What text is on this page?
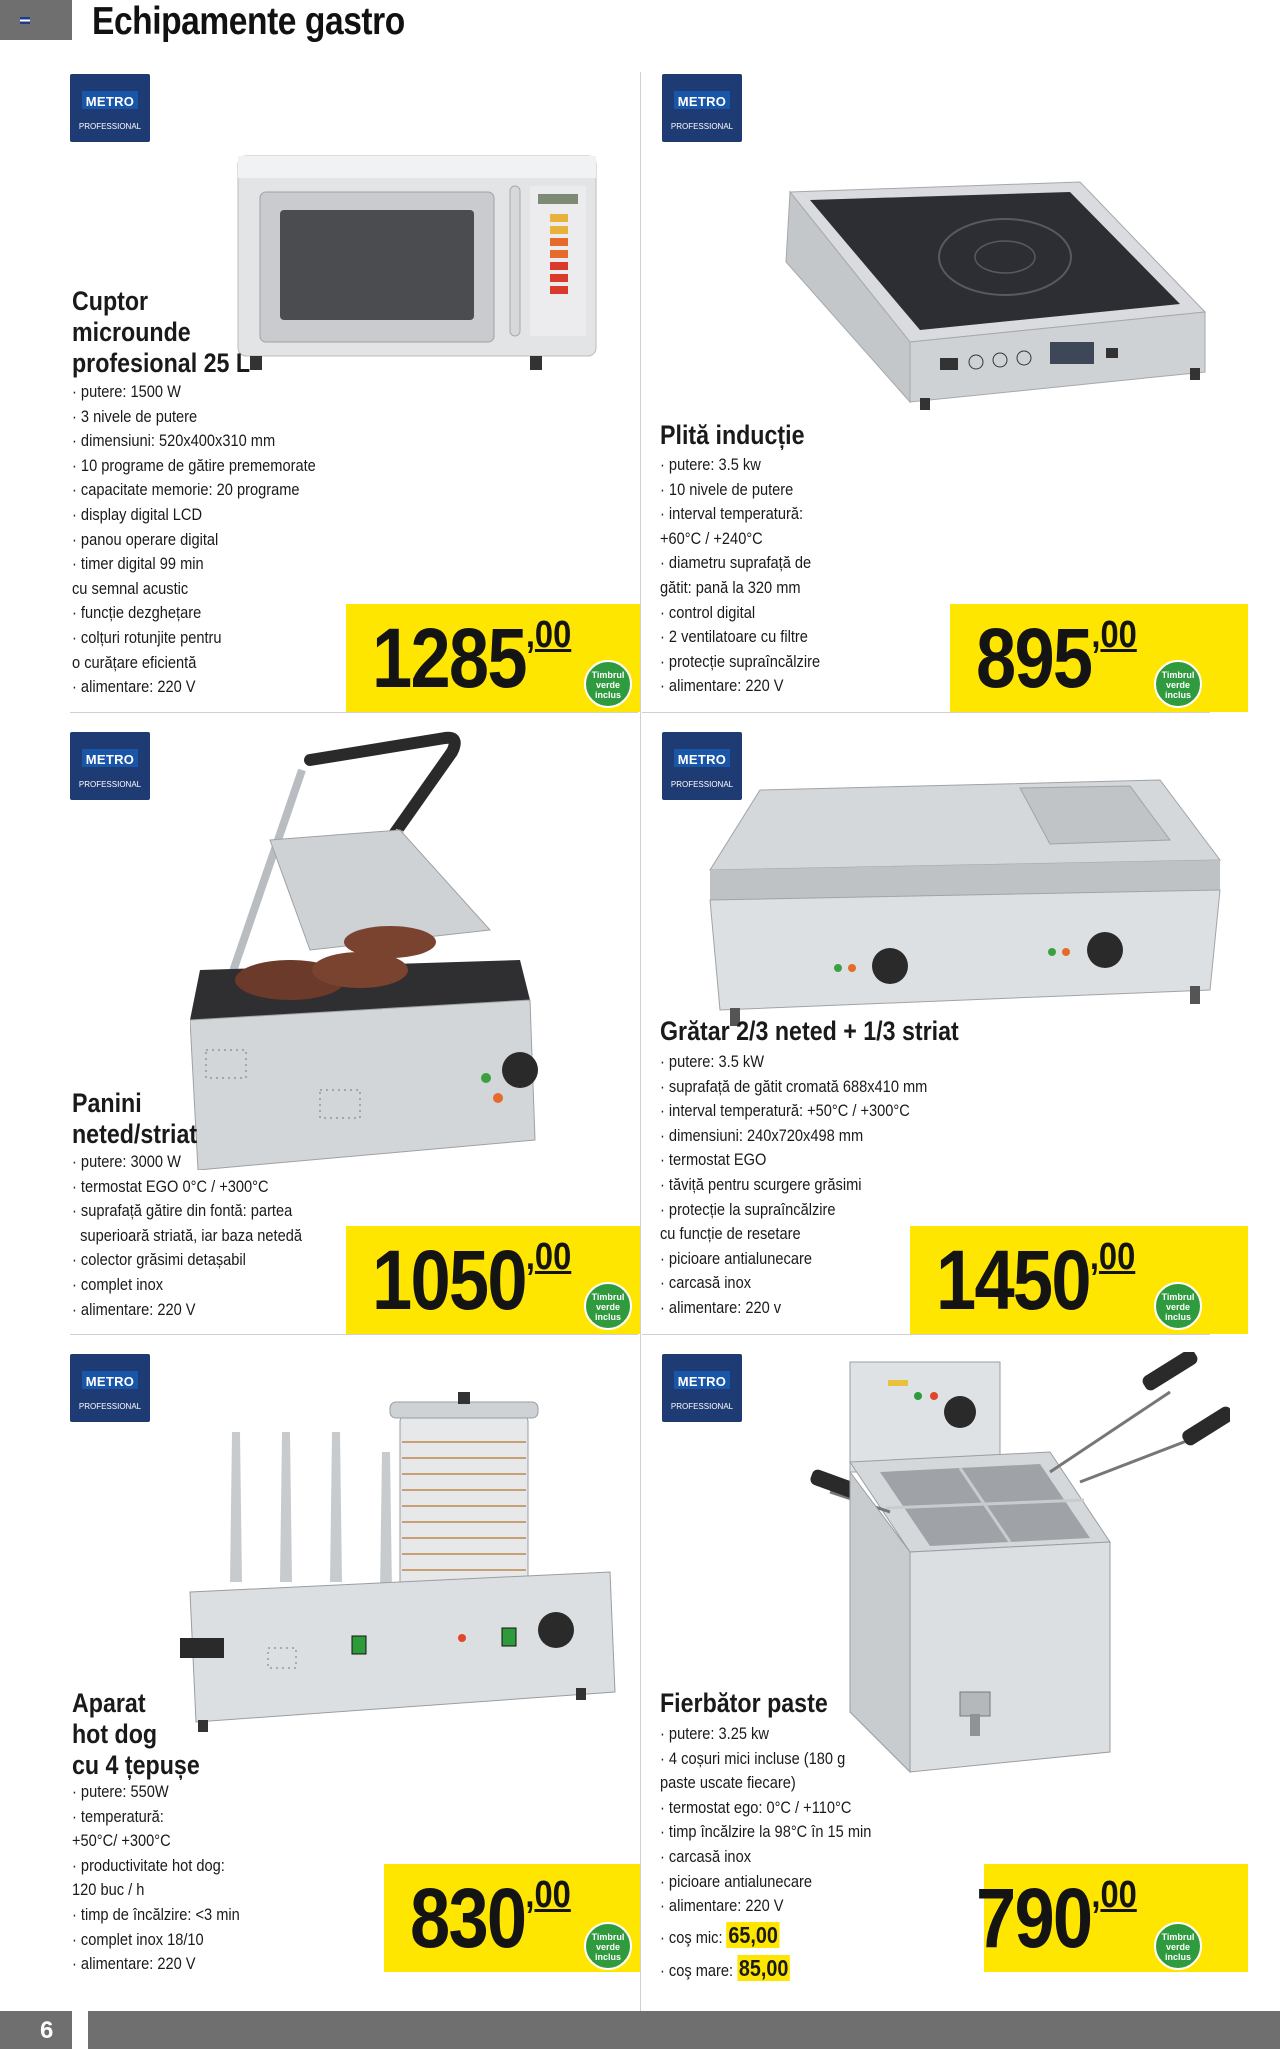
Echipamente gastro
METRO
PROFESSIONAL
Cuptor
microunde
profesional 25 L
· putere: 1500 W
· 3 nivele de putere
· dimensiuni: 520x400x310 mm
· 10 programe de gătire prememorate
· capacitate memorie: 20 programe
· display digital LCD
· panou operare digital
· timer digital 99 min
cu semnal acustic
· funcție dezghețare
· colțuri rotunjite pentru
o curățare eficientă
· alimentare: 220 V	1285,00
Timbrul
verde
inclus
METRO
PROFESSIONAL
Plită inducție
· putere: 3.5 kw
· 10 nivele de putere
· interval temperatură:
+60°C / +240°C
· diametru suprafață de
gătit: pană la 320 mm
· control digital
· 2 ventilatoare cu filtre
· protecție supraîncălzire
· alimentare: 220 V	895,00
Timbrul
verde
inclus
METRO
PROFESSIONAL
Panini
neted/striat
· putere: 3000 W
· termostat EGO 0°C / +300°C
· suprafață gătire din fontă: partea
superioară striată, iar baza netedă
· colector grăsimi detașabil
· complet inox
· alimentare: 220 V	1050,00
Timbrul
verde
inclus
METRO
PROFESSIONAL
Grătar 2/3 neted + 1/3 striat
· putere: 3.5 kW
· suprafață de gătit cromată 688x410 mm
· interval temperatură: +50°C / +300°C
· dimensiuni: 240x720x498 mm
· termostat EGO
· tăviță pentru scurgere grăsimi
· protecție la supraîncălzire
cu funcție de resetare
· picioare antialunecare
· carcasă inox
· alimentare: 220 v	1450,00
Timbrul
verde
inclus
METRO
PROFESSIONAL
Aparat
hot dog
cu 4 țepușe
· putere: 550W
· temperatură:
+50°C/ +300°C
· productivitate hot dog:
120 buc / h
· timp de încălzire: <3 min
· complet inox 18/10
· alimentare: 220 V	830,00
Timbrul
verde
inclus
METRO
PROFESSIONAL
Fierbător paste
· putere: 3.25 kw
· 4 coșuri mici incluse (180 g
paste uscate fiecare)
· termostat ego: 0°C / +110°C
· timp încălzire la 98°C în 15 min
· carcasă inox
· picioare antialunecare
· alimentare: 220 V
· coş mic: 65,00
· coş mare: 85,00
790,00
Timbrul
verde
inclus
6
